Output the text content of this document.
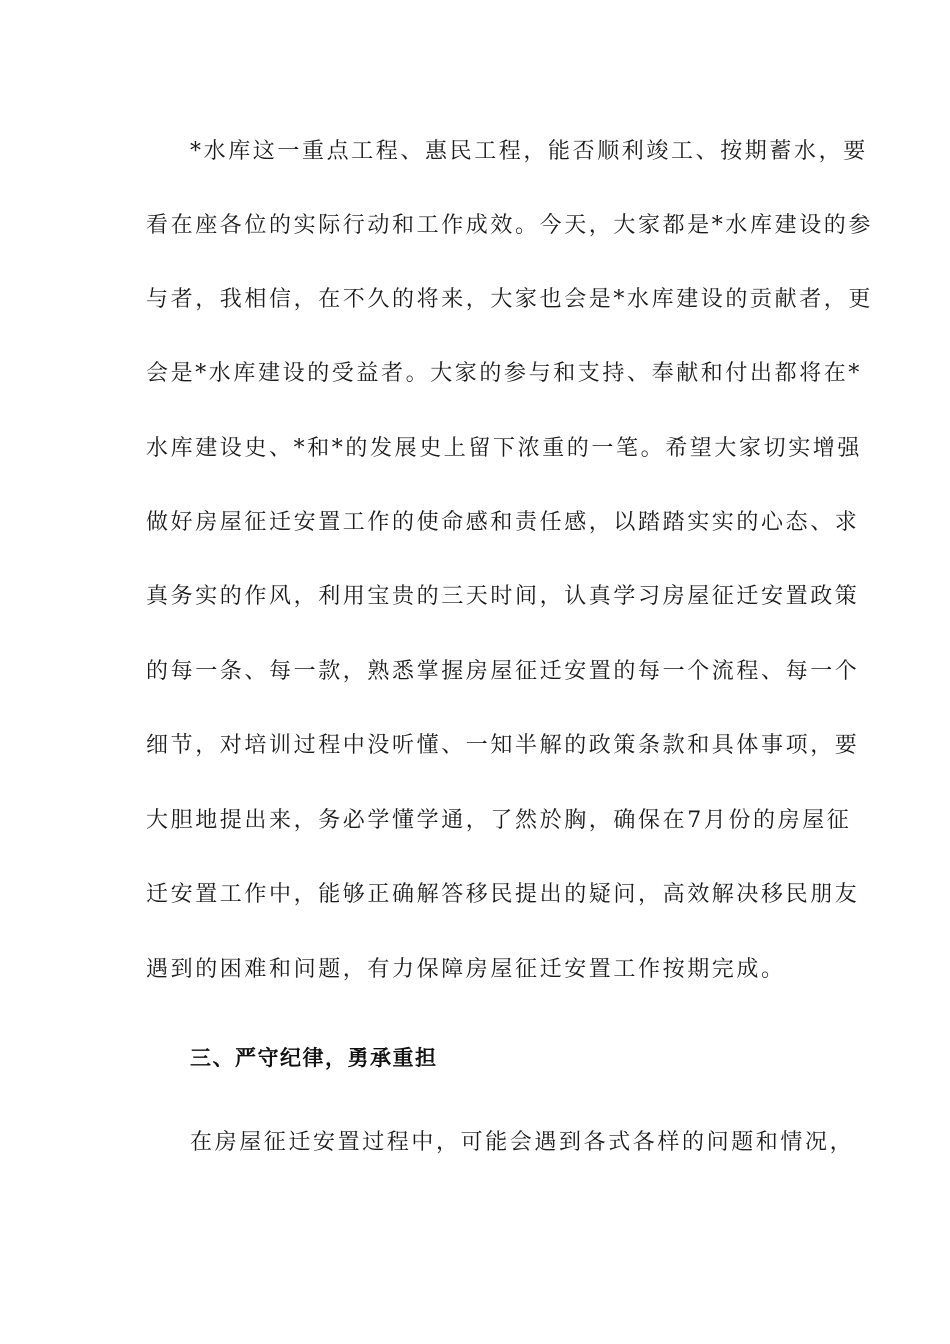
*水库这一重点工程、惠民工程，能否顺利竣工、按期蓄水，要
看在座各位的实际行动和工作成效。今天，大家都是*水库建设的参
与者，我相信，在不久的将来，大家也会是*水库建设的贡献者，更
会是*水库建设的受益者。大家的参与和支持、奉献和付出都将在*
水库建设史、*和*的发展史上留下浓重的一笔。希望大家切实增强
做好房屋征迁安置工作的使命感和责任感，以踏踏实实的心态、求
真务实的作风，利用宝贵的三天时间，认真学习房屋征迁安置政策
的每一条、每一款，熟悉掌握房屋征迁安置的每一个流程、每一个
细节，对培训过程中没听懂、一知半解的政策条款和具体事项，要
大胆地提出来，务必学懂学通，了然於胸，确保在7月份的房屋征
迁安置工作中，能够正确解答移民提出的疑问，高效解决移民朋友
遇到的困难和问题，有力保障房屋征迁安置工作按期完成。
三、严守纪律，勇承重担
在房屋征迁安置过程中，可能会遇到各式各样的问题和情况，
